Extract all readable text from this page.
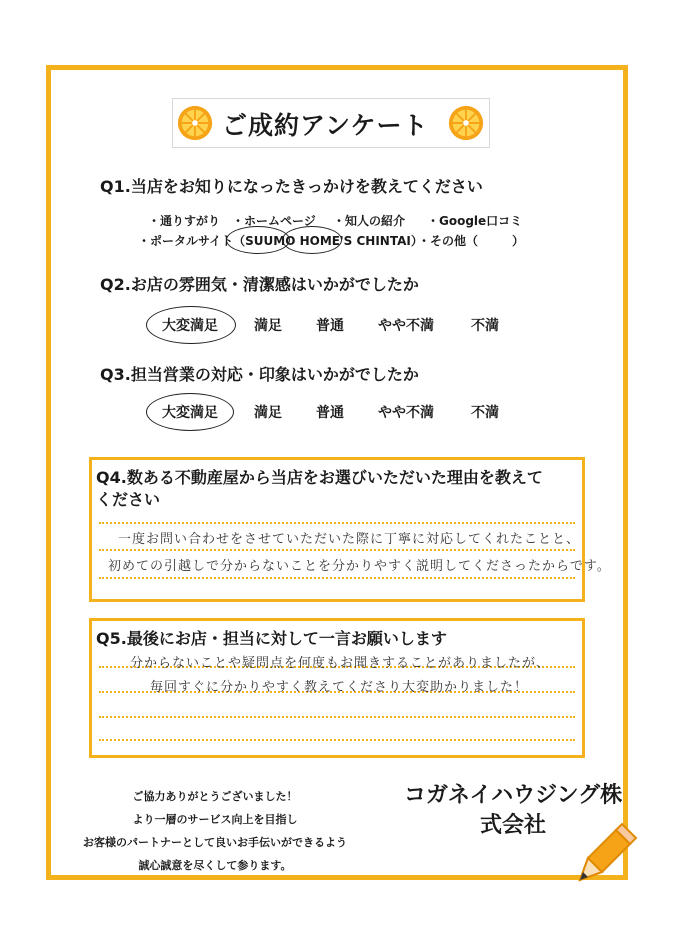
ご成約アンケート
Q1.当店をお知りになったきっかけを教えてください
・通りすがり ・ホームページ ・知人の紹介 ・Google口コミ
・ポータルサイト（SUUMO HOME'S CHINTAI）
・その他（	）
Q2.お店の雰囲気・清潔感はいかがでしたか
大変満足	満足 普通 やや不満	不満
Q3.担当営業の対応・印象はいかがでしたか
大変満足	満足 普通 やや不満	不満
Q4.数ある不動産屋から当店をお選びいただいた理由を教えて
ください
一度お問い合わせをさせていただいた際に丁寧に対応してくれたことと、
初めての引越しで分からないことを分かりやすく説明してくださったからです。
Q5.最後にお店・担当に対して一言お願いします
分からないことや疑問点を何度もお聞きすることがありましたが、
毎回すぐに分かりやすく教えてくださり大変助かりました！
ご協力ありがとうございました！
より一層のサービス向上を目指し
お客様のパートナーとして良いお手伝いができるよう
誠心誠意を尽くして参ります。
コガネイハウジング株
式会社
